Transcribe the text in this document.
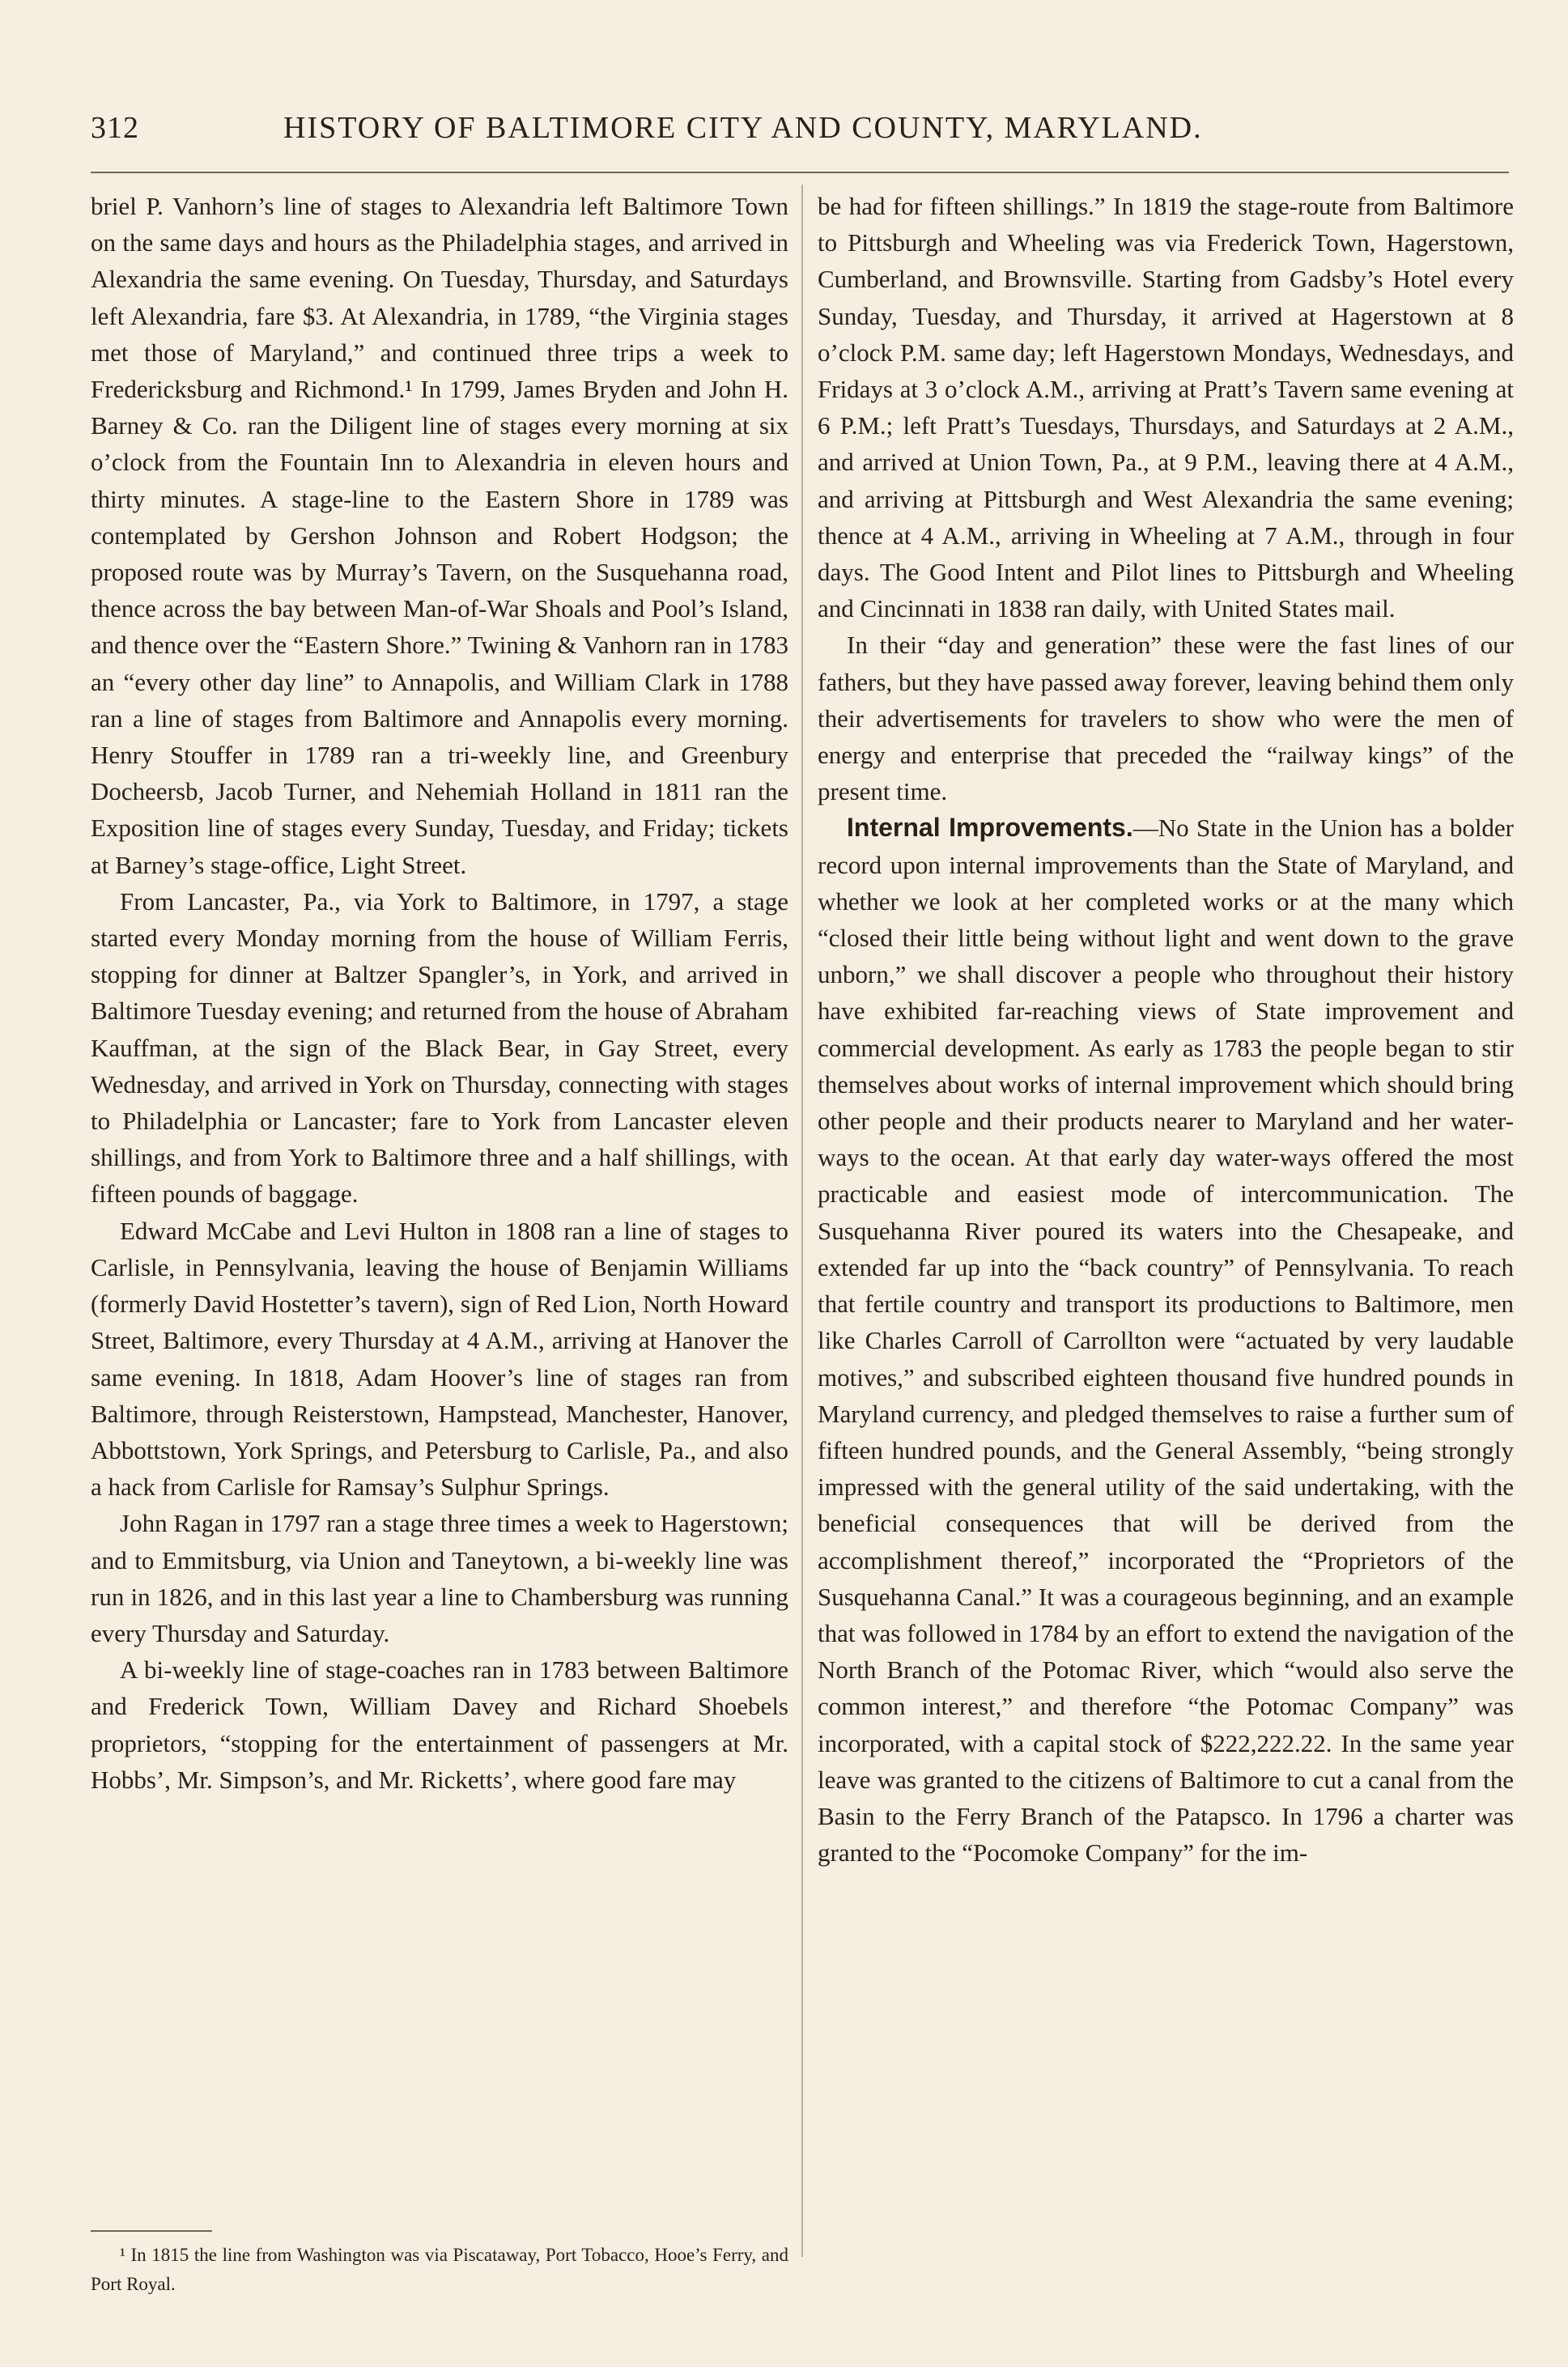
312	HISTORY OF BALTIMORE CITY AND COUNTY, MARYLAND.

briel P. Vanhorn’s line of stages to Alexandria left Baltimore Town on the same days and hours as the Philadelphia stages, and arrived in Alexandria the same evening. On Tuesday, Thursday, and Saturdays left Alexandria, fare $3. At Alexandria, in 1789, “the Virginia stages met those of Maryland,” and continued three trips a week to Fredericksburg and Richmond.¹ In 1799, James Bryden and John H. Barney & Co. ran the Diligent line of stages every morning at six o’clock from the Fountain Inn to Alexandria in eleven hours and thirty minutes. A stage-line to the Eastern Shore in 1789 was contemplated by Gershon Johnson and Robert Hodgson; the proposed route was by Murray’s Tavern, on the Susquehanna road, thence across the bay between Man-of-War Shoals and Pool’s Island, and thence over the “Eastern Shore.” Twining & Vanhorn ran in 1783 an “every other day line” to Annapolis, and William Clark in 1788 ran a line of stages from Baltimore and Annapolis every morning. Henry Stouffer in 1789 ran a tri-weekly line, and Greenbury Docheersb, Jacob Turner, and Nehemiah Holland in 1811 ran the Exposition line of stages every Sunday, Tuesday, and Friday; tickets at Barney’s stage-office, Light Street.

From Lancaster, Pa., via York to Baltimore, in 1797, a stage started every Monday morning from the house of William Ferris, stopping for dinner at Baltzer Spangler’s, in York, and arrived in Baltimore Tuesday evening; and returned from the house of Abraham Kauffman, at the sign of the Black Bear, in Gay Street, every Wednesday, and arrived in York on Thursday, connecting with stages to Philadelphia or Lancaster; fare to York from Lancaster eleven shillings, and from York to Baltimore three and a half shillings, with fifteen pounds of baggage.

Edward McCabe and Levi Hulton in 1808 ran a line of stages to Carlisle, in Pennsylvania, leaving the house of Benjamin Williams (formerly David Hostetter’s tavern), sign of Red Lion, North Howard Street, Baltimore, every Thursday at 4 A.M., arriving at Hanover the same evening. In 1818, Adam Hoover’s line of stages ran from Baltimore, through Reisterstown, Hampstead, Manchester, Hanover, Abbottstown, York Springs, and Petersburg to Carlisle, Pa., and also a hack from Carlisle for Ramsay’s Sulphur Springs.

John Ragan in 1797 ran a stage three times a week to Hagerstown; and to Emmitsburg, via Union and Taneytown, a bi-weekly line was run in 1826, and in this last year a line to Chambersburg was running every Thursday and Saturday.

A bi-weekly line of stage-coaches ran in 1783 between Baltimore and Frederick Town, William Davey and Richard Shoebels proprietors, “stopping for the entertainment of passengers at Mr. Hobbs’, Mr. Simpson’s, and Mr. Ricketts’, where good fare may

¹ In 1815 the line from Washington was via Piscataway, Port Tobacco, Hooe’s Ferry, and Port Royal.

be had for fifteen shillings.” In 1819 the stage-route from Baltimore to Pittsburgh and Wheeling was via Frederick Town, Hagerstown, Cumberland, and Brownsville. Starting from Gadsby’s Hotel every Sunday, Tuesday, and Thursday, it arrived at Hagerstown at 8 o’clock P.M. same day; left Hagerstown Mondays, Wednesdays, and Fridays at 3 o’clock A.M., arriving at Pratt’s Tavern same evening at 6 P.M.; left Pratt’s Tuesdays, Thursdays, and Saturdays at 2 A.M., and arrived at Union Town, Pa., at 9 P.M., leaving there at 4 A.M., and arriving at Pittsburgh and West Alexandria the same evening; thence at 4 A.M., arriving in Wheeling at 7 A.M., through in four days. The Good Intent and Pilot lines to Pittsburgh and Wheeling and Cincinnati in 1838 ran daily, with United States mail.

In their “day and generation” these were the fast lines of our fathers, but they have passed away forever, leaving behind them only their advertisements for travelers to show who were the men of energy and enterprise that preceded the “railway kings” of the present time.

Internal Improvements.—No State in the Union has a bolder record upon internal improvements than the State of Maryland, and whether we look at her completed works or at the many which “closed their little being without light and went down to the grave unborn,” we shall discover a people who throughout their history have exhibited far-reaching views of State improvement and commercial development. As early as 1783 the people began to stir themselves about works of internal improvement which should bring other people and their products nearer to Maryland and her water-ways to the ocean. At that early day water-ways offered the most practicable and easiest mode of intercommunication. The Susquehanna River poured its waters into the Chesapeake, and extended far up into the “back country” of Pennsylvania. To reach that fertile country and transport its productions to Baltimore, men like Charles Carroll of Carrollton were “actuated by very laudable motives,” and subscribed eighteen thousand five hundred pounds in Maryland currency, and pledged themselves to raise a further sum of fifteen hundred pounds, and the General Assembly, “being strongly impressed with the general utility of the said undertaking, with the beneficial consequences that will be derived from the accomplishment thereof,” incorporated the “Proprietors of the Susquehanna Canal.” It was a courageous beginning, and an example that was followed in 1784 by an effort to extend the navigation of the North Branch of the Potomac River, which “would also serve the common interest,” and therefore “the Potomac Company” was incorporated, with a capital stock of $222,222.22. In the same year leave was granted to the citizens of Baltimore to cut a canal from the Basin to the Ferry Branch of the Patapsco. In 1796 a charter was granted to the “Pocomoke Company” for the im-
